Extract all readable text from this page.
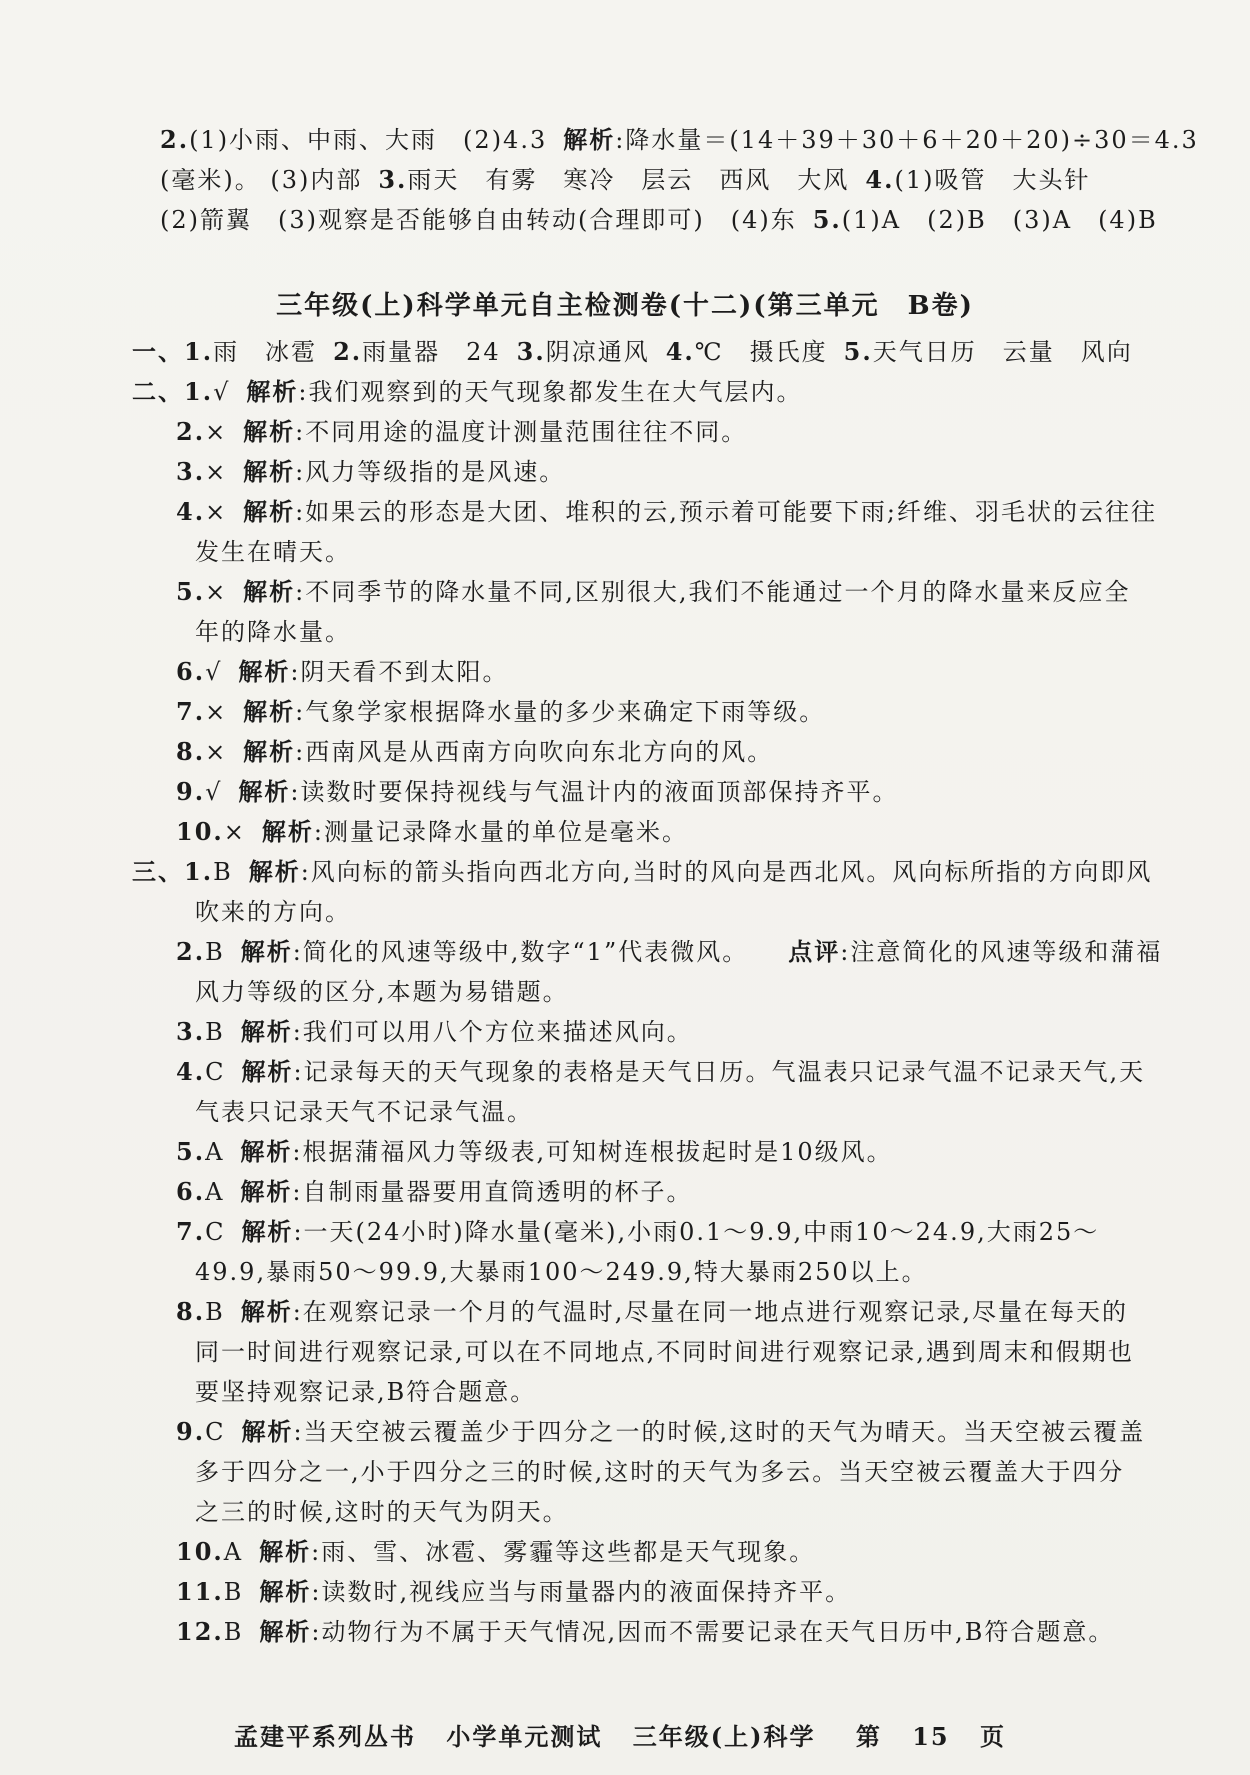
2.(1)小雨、中雨、大雨　(2)4.3 解析:降水量＝(14＋39＋30＋6＋20＋20)÷30＝4.3
(毫米)。 (3)内部 3.雨天　有雾　寒冷　层云　西风　大风 4.(1)吸管　大头针
(2)箭翼　(3)观察是否能够自由转动(合理即可)　(4)东 5.(1)A　(2)B　(3)A　(4)B
三年级(上)科学单元自主检测卷(十二)(第三单元　B卷)
一、1.雨　冰雹 2.雨量器　24 3.阴凉通风 4.℃　摄氏度 5.天气日历　云量　风向
二、1.√ 解析:我们观察到的天气现象都发生在大气层内。
2.× 解析:不同用途的温度计测量范围往往不同。
3.× 解析:风力等级指的是风速。
4.× 解析:如果云的形态是大团、堆积的云,预示着可能要下雨;纤维、羽毛状的云往往
发生在晴天。
5.× 解析:不同季节的降水量不同,区别很大,我们不能通过一个月的降水量来反应全
年的降水量。
6.√ 解析:阴天看不到太阳。
7.× 解析:气象学家根据降水量的多少来确定下雨等级。
8.× 解析:西南风是从西南方向吹向东北方向的风。
9.√ 解析:读数时要保持视线与气温计内的液面顶部保持齐平。
10.× 解析:测量记录降水量的单位是毫米。
三、1.B 解析:风向标的箭头指向西北方向,当时的风向是西北风。风向标所指的方向即风
吹来的方向。
2.B 解析:简化的风速等级中,数字“1”代表微风。 点评:注意简化的风速等级和蒲福
风力等级的区分,本题为易错题。
3.B 解析:我们可以用八个方位来描述风向。
4.C 解析:记录每天的天气现象的表格是天气日历。气温表只记录气温不记录天气,天
气表只记录天气不记录气温。
5.A 解析:根据蒲福风力等级表,可知树连根拔起时是10级风。
6.A 解析:自制雨量器要用直筒透明的杯子。
7.C 解析:一天(24小时)降水量(毫米),小雨0.1～9.9,中雨10～24.9,大雨25～
49.9,暴雨50～99.9,大暴雨100～249.9,特大暴雨250以上。
8.B 解析:在观察记录一个月的气温时,尽量在同一地点进行观察记录,尽量在每天的
同一时间进行观察记录,可以在不同地点,不同时间进行观察记录,遇到周末和假期也
要坚持观察记录,B符合题意。
9.C 解析:当天空被云覆盖少于四分之一的时候,这时的天气为晴天。当天空被云覆盖
多于四分之一,小于四分之三的时候,这时的天气为多云。当天空被云覆盖大于四分
之三的时候,这时的天气为阴天。
10.A 解析:雨、雪、冰雹、雾霾等这些都是天气现象。
11.B 解析:读数时,视线应当与雨量器内的液面保持齐平。
12.B 解析:动物行为不属于天气情况,因而不需要记录在天气日历中,B符合题意。
孟建平系列丛书 小学单元测试 三年级(上)科学 第 15 页
